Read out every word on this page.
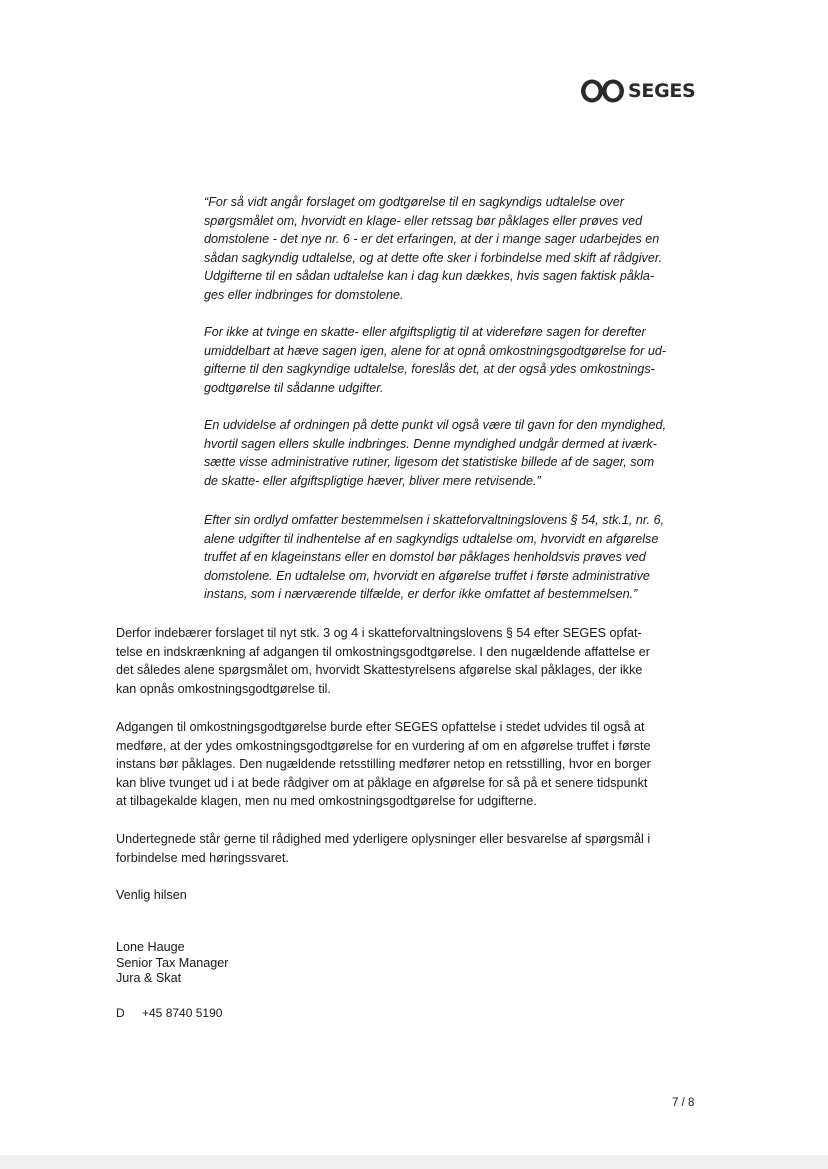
SEGES
“For så vidt angår forslaget om godtgørelse til en sagkyndigs udtalelse over
spørgsmålet om, hvorvidt en klage- eller retssag bør påklages eller prøves ved
domstolene - det nye nr. 6 - er det erfaringen, at der i mange sager udarbejdes en
sådan sagkyndig udtalelse, og at dette ofte sker i forbindelse med skift af rådgiver.
Udgifterne til en sådan udtalelse kan i dag kun dækkes, hvis sagen faktisk påkla-
ges eller indbringes for domstolene.
For ikke at tvinge en skatte- eller afgiftspligtig til at videreføre sagen for derefter
umiddelbart at hæve sagen igen, alene for at opnå omkostningsgodtgørelse for ud-
gifterne til den sagkyndige udtalelse, foreslås det, at der også ydes omkostnings-
godtgørelse til sådanne udgifter.
En udvidelse af ordningen på dette punkt vil også være til gavn for den myndighed,
hvortil sagen ellers skulle indbringes. Denne myndighed undgår dermed at iværk-
sætte visse administrative rutiner, ligesom det statistiske billede af de sager, som
de skatte- eller afgiftspligtige hæver, bliver mere retvisende.”
Efter sin ordlyd omfatter bestemmelsen i skatteforvaltningslovens § 54, stk.1, nr. 6,
alene udgifter til indhentelse af en sagkyndigs udtalelse om, hvorvidt en afgørelse
truffet af en klageinstans eller en domstol bør påklages henholdsvis prøves ved
domstolene. En udtalelse om, hvorvidt en afgørelse truffet i første administrative
instans, som i nærværende tilfælde, er derfor ikke omfattet af bestemmelsen.”
Derfor indebærer forslaget til nyt stk. 3 og 4 i skatteforvaltningslovens § 54 efter SEGES opfat-
telse en indskrænkning af adgangen til omkostningsgodtgørelse. I den nugældende affattelse er
det således alene spørgsmålet om, hvorvidt Skattestyrelsens afgørelse skal påklages, der ikke
kan opnås omkostningsgodtgørelse til.
Adgangen til omkostningsgodtgørelse burde efter SEGES opfattelse i stedet udvides til også at
medføre, at der ydes omkostningsgodtgørelse for en vurdering af om en afgørelse truffet i første
instans bør påklages. Den nugældende retsstilling medfører netop en retsstilling, hvor en borger
kan blive tvunget ud i at bede rådgiver om at påklage en afgørelse for så på et senere tidspunkt
at tilbagekalde klagen, men nu med omkostningsgodtgørelse for udgifterne.
Undertegnede står gerne til rådighed med yderligere oplysninger eller besvarelse af spørgsmål i
forbindelse med høringssvaret.
Venlig hilsen
Lone Hauge
Senior Tax Manager
Jura & Skat
D +45 8740 5190
7 / 8
